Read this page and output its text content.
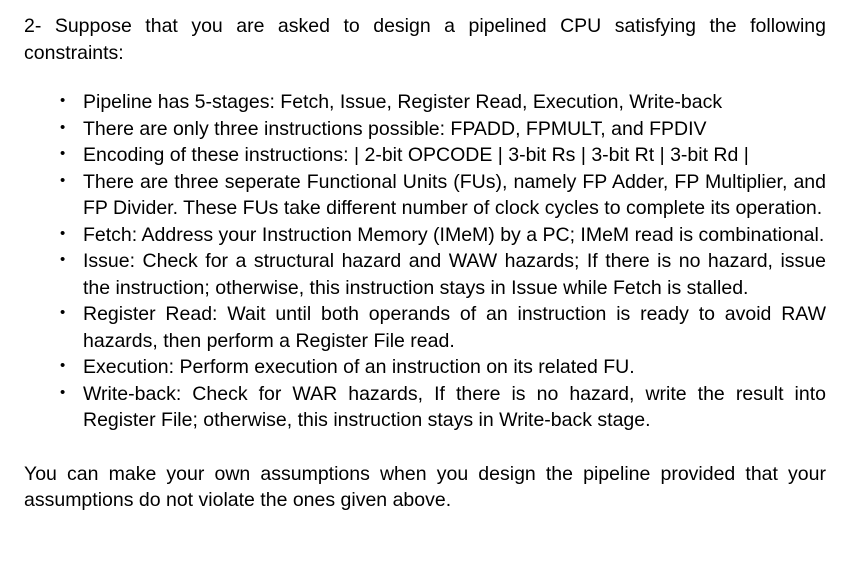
2- Suppose that you are asked to design a pipelined CPU satisfying the following constraints:

• Pipeline has 5-stages: Fetch, Issue, Register Read, Execution, Write-back
• There are only three instructions possible: FPADD, FPMULT, and FPDIV
• Encoding of these instructions: | 2-bit OPCODE | 3-bit Rs | 3-bit Rt | 3-bit Rd |
• There are three seperate Functional Units (FUs), namely FP Adder, FP Multiplier, and FP Divider. These FUs take different number of clock cycles to complete its operation.
• Fetch: Address your Instruction Memory (IMeM) by a PC; IMeM read is combinational.
• Issue: Check for a structural hazard and WAW hazards; If there is no hazard, issue the instruction; otherwise, this instruction stays in Issue while Fetch is stalled.
• Register Read: Wait until both operands of an instruction is ready to avoid RAW hazards, then perform a Register File read.
• Execution: Perform execution of an instruction on its related FU.
• Write-back: Check for WAR hazards, If there is no hazard, write the result into Register File; otherwise, this instruction stays in Write-back stage.

You can make your own assumptions when you design the pipeline provided that your assumptions do not violate the ones given above.
